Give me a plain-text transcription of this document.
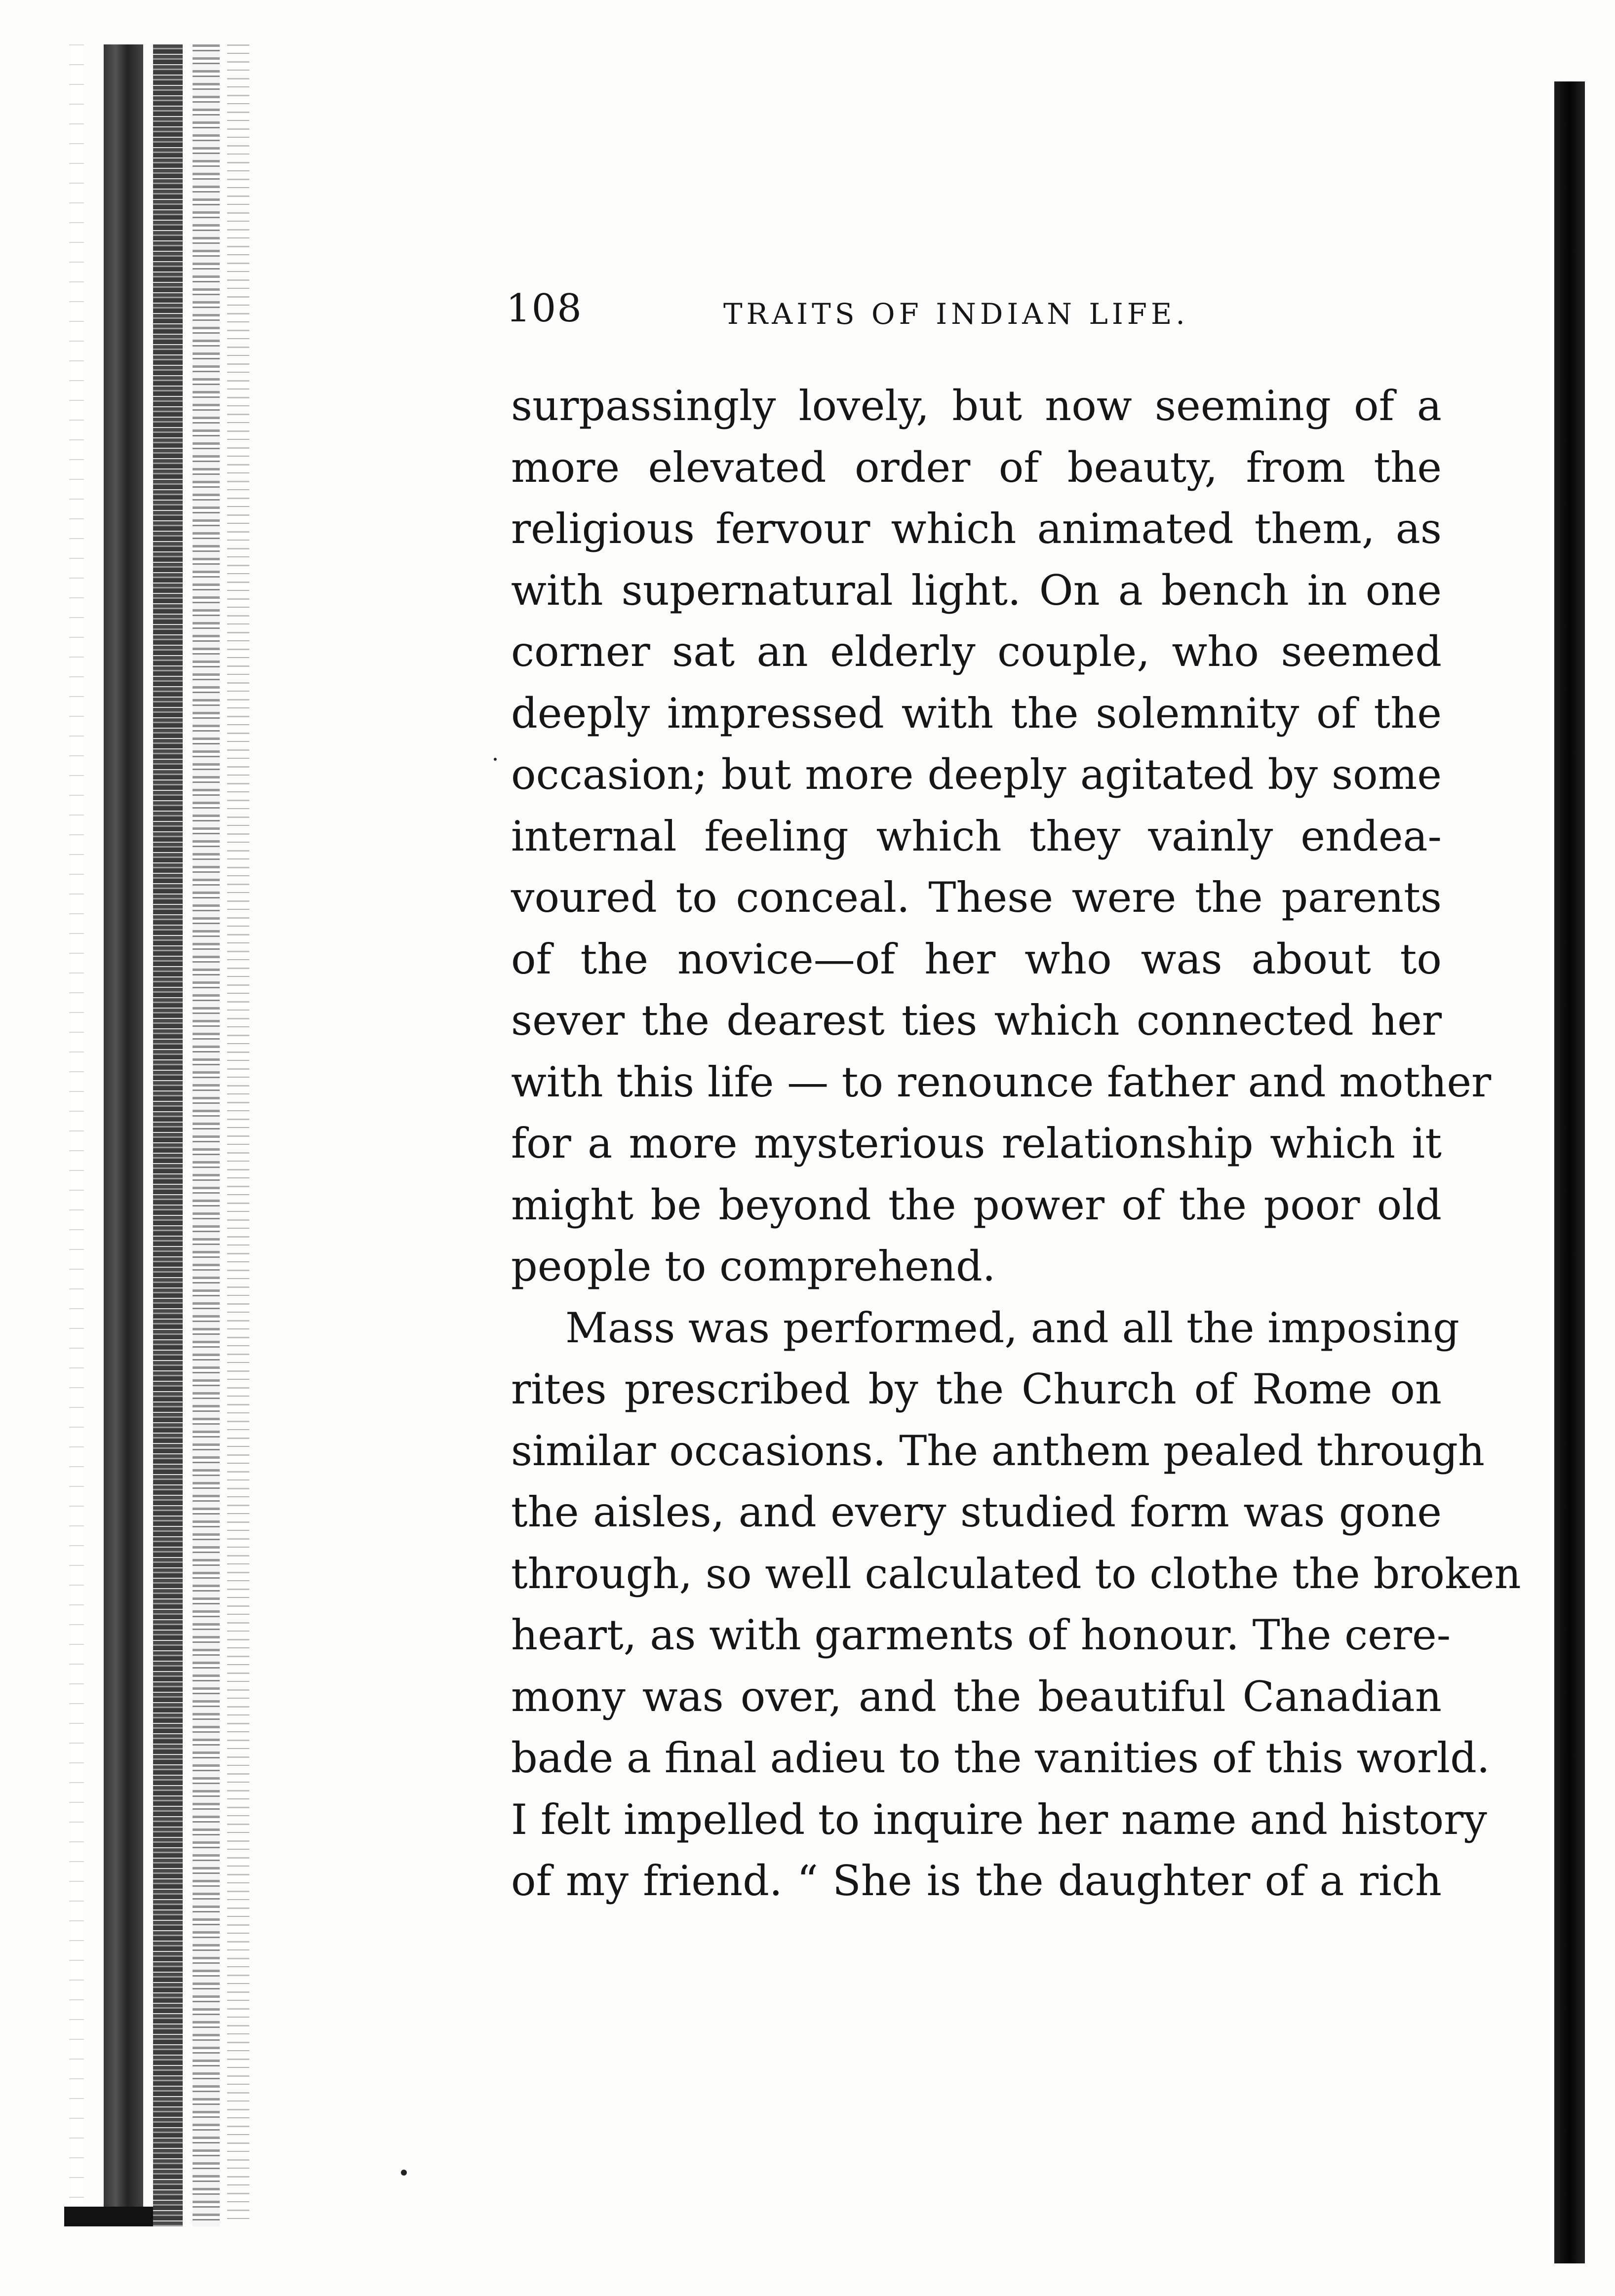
108	TRAITS OF INDIAN LIFE.
surpassingly lovely, but now seeming of a
more elevated order of beauty, from the
religious fervour which animated them, as
with supernatural light. On a bench in one
corner sat an elderly couple, who seemed
deeply impressed with the solemnity of the
occasion; but more deeply agitated by some
internal feeling which they vainly endea-
voured to conceal. These were the parents
of the novice—of her who was about to
sever the dearest ties which connected her
with this life — to renounce father and mother
for a more mysterious relationship which it
might be beyond the power of the poor old
people to comprehend.
Mass was performed, and all the imposing
rites prescribed by the Church of Rome on
similar occasions. The anthem pealed through
the aisles, and every studied form was gone
through, so well calculated to clothe the broken
heart, as with garments of honour. The cere-
mony was over, and the beautiful Canadian
bade a final adieu to the vanities of this world.
I felt impelled to inquire her name and history
of my friend. “ She is the daughter of a rich
